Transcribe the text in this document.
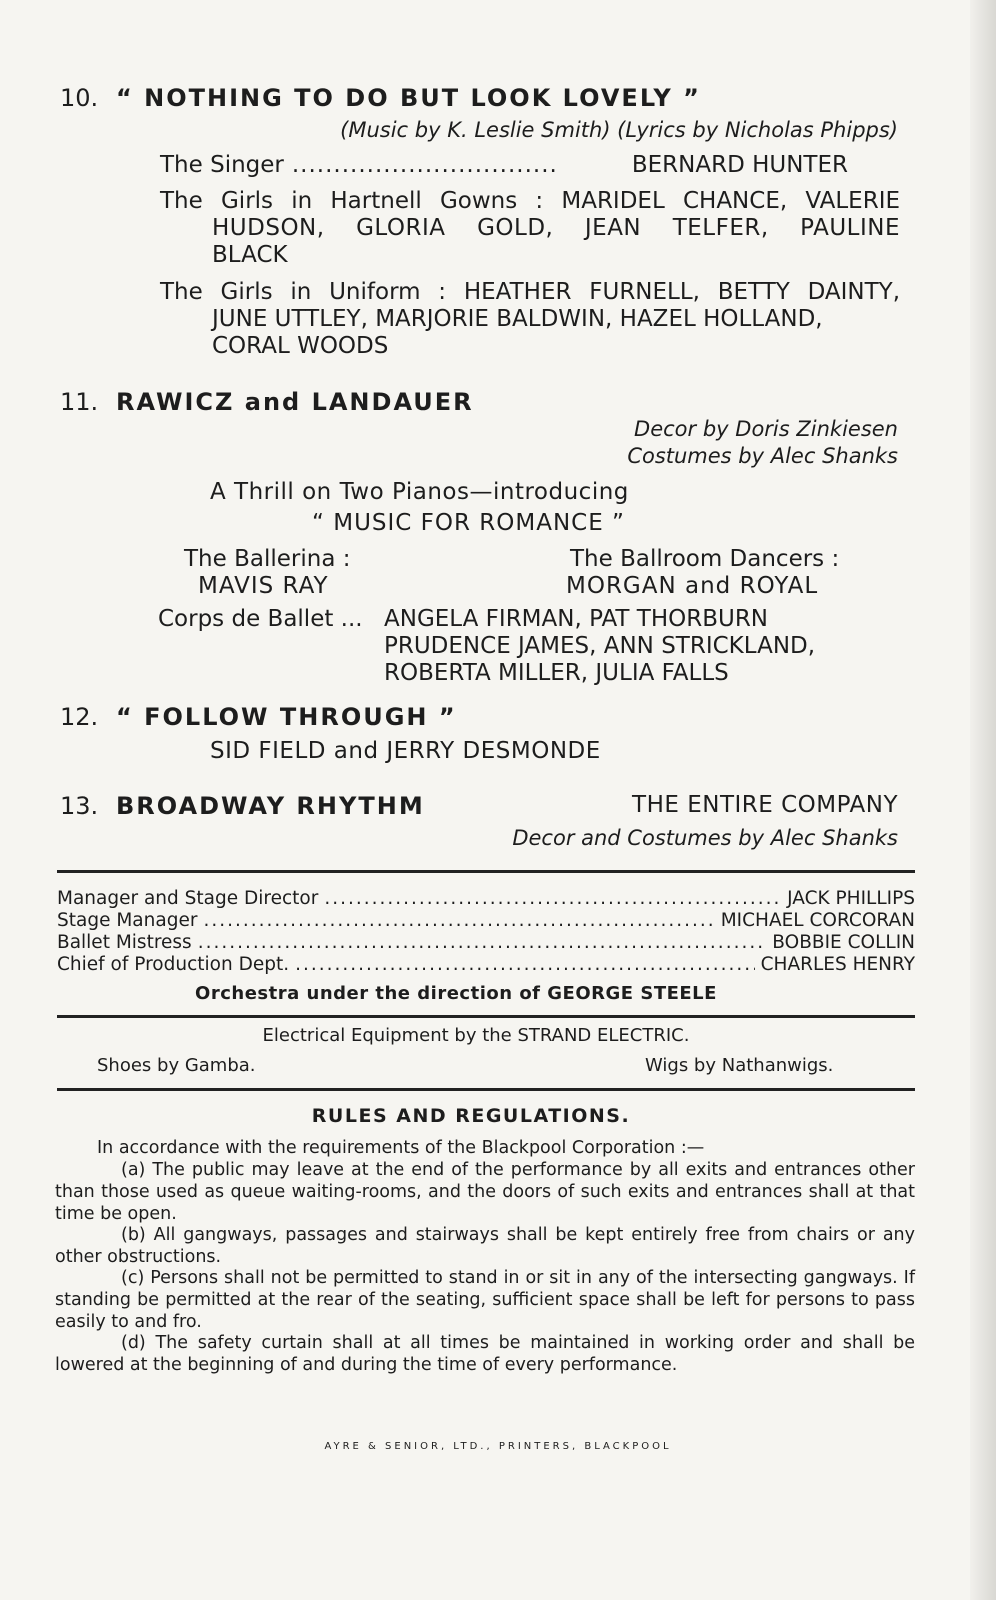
10. “ NOTHING TO DO BUT LOOK LOVELY ”
(Music by K. Leslie Smith) (Lyrics by Nicholas Phipps)
The Singer ................................	BERNARD HUNTER
The Girls in Hartnell Gowns : MARIDEL CHANCE, VALERIE
HUDSON, GLORIA GOLD, JEAN TELFER, PAULINE
BLACK
The Girls in Uniform : HEATHER FURNELL, BETTY DAINTY,
JUNE UTTLEY, MARJORIE BALDWIN, HAZEL HOLLAND,
CORAL WOODS
11. RAWICZ and LANDAUER
Decor by Doris Zinkiesen
Costumes by Alec Shanks
A Thrill on Two Pianos—introducing
“ MUSIC FOR ROMANCE ”
The Ballerina :
MAVIS RAY
The Ballroom Dancers :
MORGAN and ROYAL
Corps de Ballet ... ANGELA FIRMAN, PAT THORBURN
PRUDENCE JAMES, ANN STRICKLAND,
ROBERTA MILLER, JULIA FALLS
12. “ FOLLOW THROUGH ”
SID FIELD and JERRY DESMONDE
13. BROADWAY RHYTHM	THE ENTIRE COMPANY
Decor and Costumes by Alec Shanks
Manager and Stage Director .....	JACK PHILLIPS
Stage Manager .....	MICHAEL CORCORAN
Ballet Mistress .....	BOBBIE COLLIN
Chief of Production Dept. .....	CHARLES HENRY
Orchestra under the direction of GEORGE STEELE
Electrical Equipment by the STRAND ELECTRIC.
Shoes by Gamba.	Wigs by Nathanwigs.
RULES AND REGULATIONS.
In accordance with the requirements of the Blackpool Corporation :—
(a) The public may leave at the end of the performance by all exits and entrances other than those used as queue waiting-rooms, and the doors of such exits and entrances shall at that time be open.
(b) All gangways, passages and stairways shall be kept entirely free from chairs or any other obstructions.
(c) Persons shall not be permitted to stand in or sit in any of the intersecting gangways. If standing be permitted at the rear of the seating, sufficient space shall be left for persons to pass easily to and fro.
(d) The safety curtain shall at all times be maintained in working order and shall be lowered at the beginning of and during the time of every performance.
AYRE & SENIOR, LTD., PRINTERS, BLACKPOOL
